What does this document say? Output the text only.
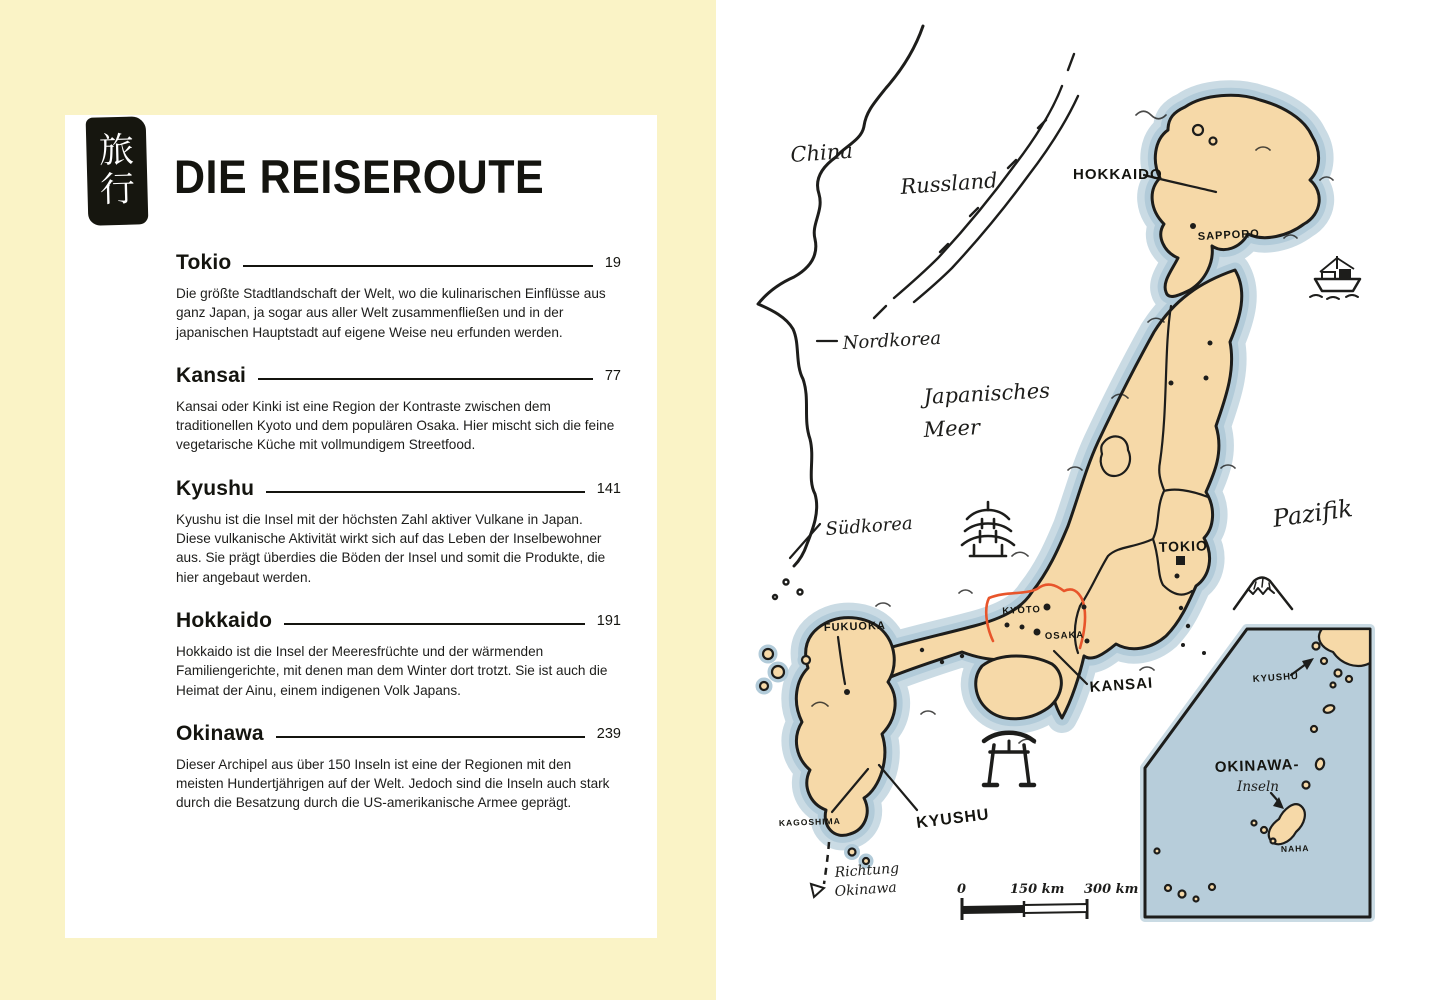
旅
行 DIE REISEROUTE
Tokio	19

Die größte Stadtlandschaft der Welt, wo die kulinarischen Einflüsse aus ganz Japan, ja sogar aus aller Welt zusammenfließen und in der japanischen Hauptstadt auf eigene Weise neu erfunden werden.

Kansai	77

Kansai oder Kinki ist eine Region der Kontraste zwischen dem traditionellen Kyoto und dem populären Osaka. Hier mischt sich die feine vegetarische Küche mit vollmundigem Streetfood.

Kyushu	141

Kyushu ist die Insel mit der höchsten Zahl aktiver Vulkane in Japan. Diese vulkanische Aktivität wirkt sich auf das Leben der Inselbewohner aus. Sie prägt überdies die Böden der Insel und somit die Produkte, die hier angebaut werden.

Hokkaido	191

Hokkaido ist die Insel der Meeresfrüchte und der wärmenden Familiengerichte, mit denen man dem Winter dort trotzt. Sie ist auch die Heimat der Ainu, einem indigenen Volk Japans.

Okinawa	239

Dieser Archipel aus über 150 Inseln ist eine der Regionen mit den meisten Hundertjährigen auf der Welt. Jedoch sind die Inseln auch stark durch die Besatzung durch die US-amerikanische Armee geprägt.

KYUSHU
OKINAWA-
Inseln
NAHA
0	150 km 300 km
Richtung
Okinawa
China
Russland
Nordkorea
Südkorea
Japanisches
Meer
Pazifik
HOKKAIDO
SAPPORO
TOKIO
KYOTO
OSAKA
KANSAI
FUKUOKA
KAGOSHIMA	KYUSHU
